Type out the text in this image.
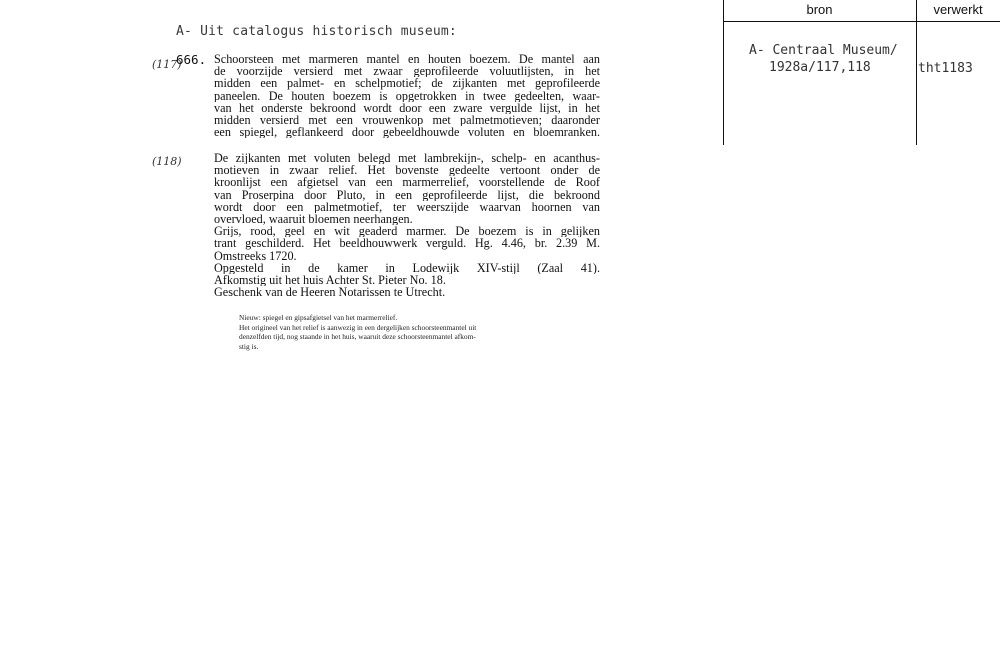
A- Uit catalogus historisch museum:
bron	verwerkt
A- Centraal Museum/
1928a/117,118	tht1183
(117)
(118)
666. Schoorsteen met marmeren mantel en houten boezem. De mantel aan
de voorzijde versierd met zwaar geprofileerde voluutlijsten, in het
midden een palmet- en schelpmotief; de zijkanten met geprofileerde
paneelen. De houten boezem is opgetrokken in twee gedeelten, waar-
van het onderste bekroond wordt door een zware vergulde lijst, in het
midden versierd met een vrouwenkop met palmetmotieven; daaronder
een spiegel, geflankeerd door gebeeldhouwde voluten en bloemranken.
De zijkanten met voluten belegd met lambrekijn-, schelp- en acanthus-
motieven in zwaar relief. Het bovenste gedeelte vertoont onder de
kroonlijst een afgietsel van een marmerrelief, voorstellende de Roof
van Proserpina door Pluto, in een geprofileerde lijst, die bekroond
wordt door een palmetmotief, ter weerszijde waarvan hoornen van
overvloed, waaruit bloemen neerhangen.
Grijs, rood, geel en wit geaderd marmer. De boezem is in gelijken
trant geschilderd. Het beeldhouwwerk verguld. Hg. 4.46, br. 2.39 M.
Omstreeks 1720.
Opgesteld in de kamer in Lodewijk XIV-stijl (Zaal 41).
Afkomstig uit het huis Achter St. Pieter No. 18.
Geschenk van de Heeren Notarissen te Utrecht.
Nieuw: spiegel en gipsafgietsel van het marmerrelief.
Het origineel van het relief is aanwezig in een dergelijken schoorsteenmantel uit
denzelfden tijd, nog staande in het huis, waaruit deze schoorsteenmantel afkom-
stig is.
